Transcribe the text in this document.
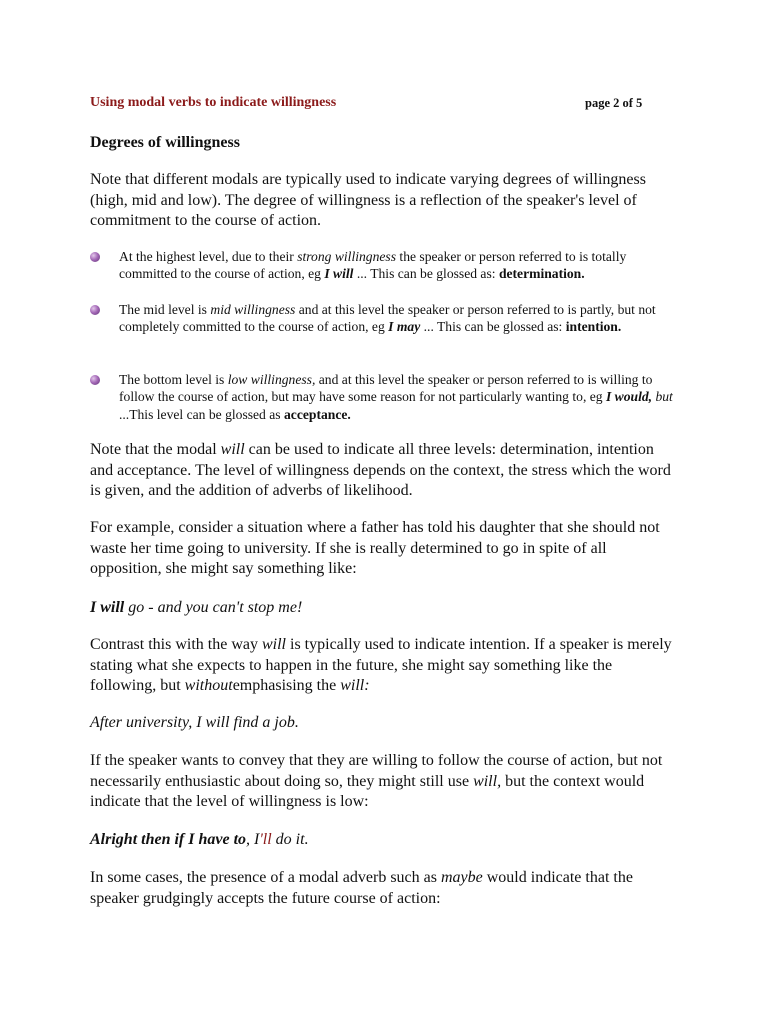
Using modal verbs to indicate willingness	page 2 of 5
Degrees of willingness

Note that different modals are typically used to indicate varying degrees of willingness (high, mid and low). The degree of willingness is a reflection of the speaker's level of commitment to the course of action.

At the highest level, due to their strong willingness the speaker or person referred to is totally committed to the course of action, eg I will ... This can be glossed as: determination.
The mid level is mid willingness and at this level the speaker or person referred to is partly, but not completely committed to the course of action, eg I may ... This can be glossed as: intention.
The bottom level is low willingness, and at this level the speaker or person referred to is willing to follow the course of action, but may have some reason for not particularly wanting to, eg I would, but ...This level can be glossed as acceptance.

Note that the modal will can be used to indicate all three levels: determination, intention and acceptance. The level of willingness depends on the context, the stress which the word is given, and the addition of adverbs of likelihood.

For example, consider a situation where a father has told his daughter that she should not waste her time going to university. If she is really determined to go in spite of all opposition, she might say something like:

I will go - and you can't stop me!

Contrast this with the way will is typically used to indicate intention. If a speaker is merely stating what she expects to happen in the future, she might say something like the following, but withoutemphasising the will:

After university, I will find a job.

If the speaker wants to convey that they are willing to follow the course of action, but not necessarily enthusiastic about doing so, they might still use will, but the context would indicate that the level of willingness is low:

Alright then if I have to, I'll do it.

In some cases, the presence of a modal adverb such as maybe would indicate that the speaker grudgingly accepts the future course of action:
